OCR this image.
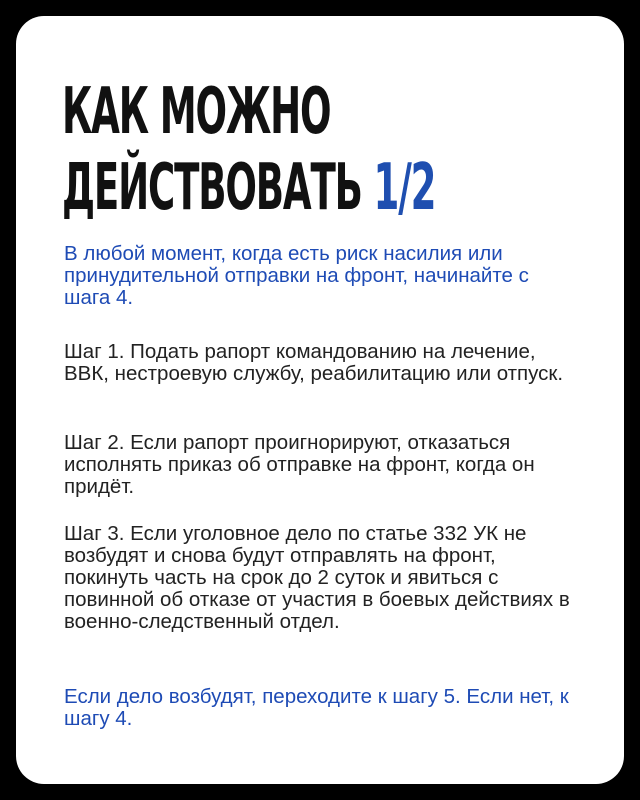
КАК МОЖНО
ДЕЙСТВОВАТЬ 1/2

В любой момент, когда есть риск насилия или принудительной отправки на фронт, начинайте с шага 4.

Шаг 1. Подать рапорт командованию на лечение, ВВК, нестроевую службу, реабилитацию или отпуск.

Шаг 2. Если рапорт проигнорируют, отказаться исполнять приказ об отправке на фронт, когда он придёт.

Шаг 3. Если уголовное дело по статье 332 УК не возбудят и снова будут отправлять на фронт, покинуть часть на срок до 2 суток и явиться с повинной об отказе от участия в боевых действиях в военно-следственный отдел.

Если дело возбудят, переходите к шагу 5. Если нет, к шагу 4.
